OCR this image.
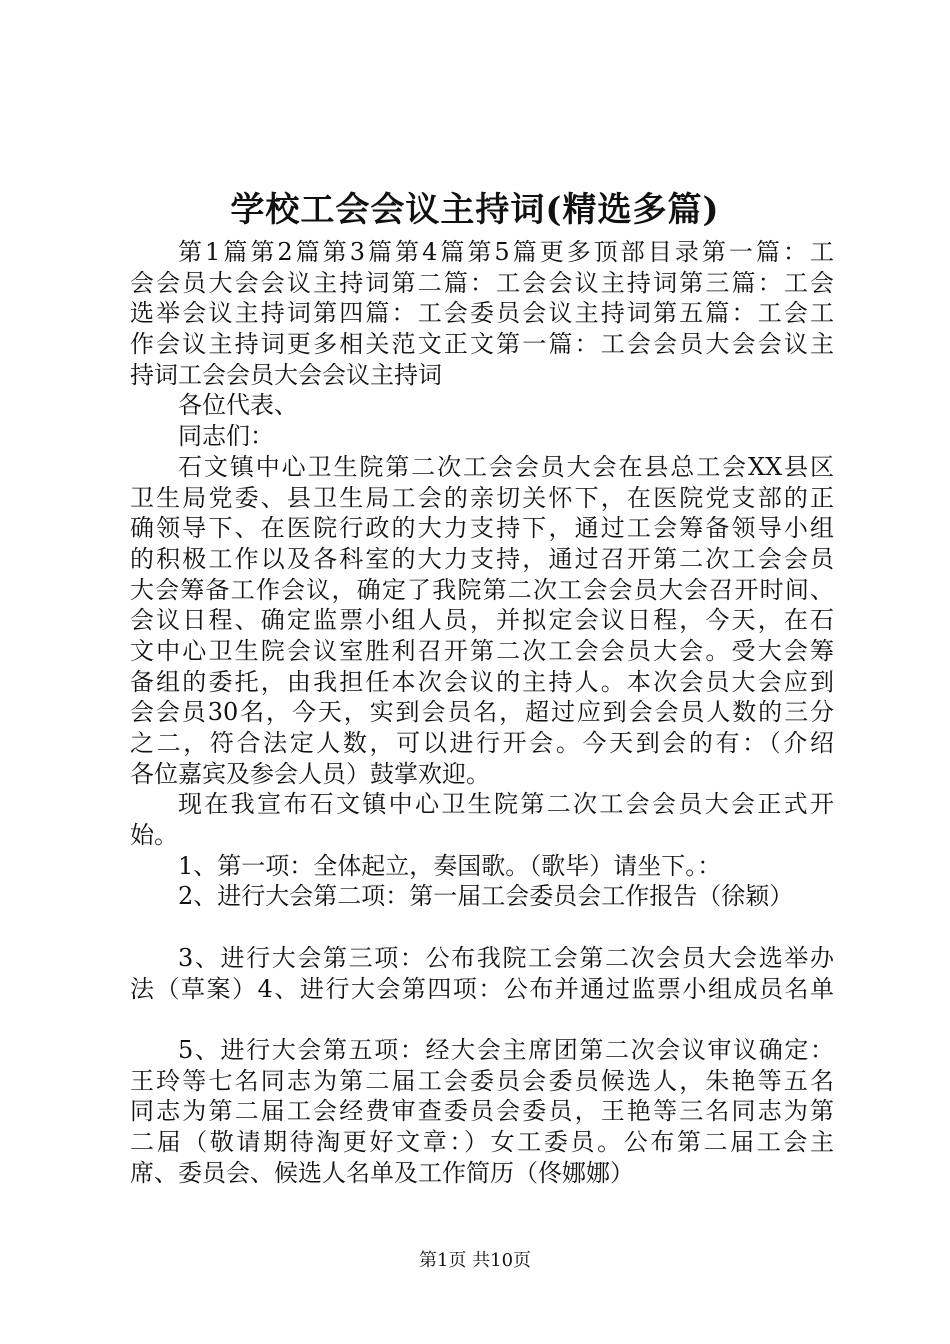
学校工会会议主持词(精选多篇)
第1篇第2篇第3篇第4篇第5篇更多顶部目录第一篇：工
会会员大会会议主持词第二篇：工会会议主持词第三篇：工会
选举会议主持词第四篇：工会委员会议主持词第五篇：工会工
作会议主持词更多相关范文正文第一篇：工会会员大会会议主
持词工会会员大会会议主持词
各位代表、
同志们：
石文镇中心卫生院第二次工会会员大会在县总工会XX县区
卫生局党委、县卫生局工会的亲切关怀下，在医院党支部的正
确领导下、在医院行政的大力支持下，通过工会筹备领导小组
的积极工作以及各科室的大力支持，通过召开第二次工会会员
大会筹备工作会议，确定了我院第二次工会会员大会召开时间、
会议日程、确定监票小组人员，并拟定会议日程，今天，在石
文中心卫生院会议室胜利召开第二次工会会员大会。受大会筹
备组的委托，由我担任本次会议的主持人。本次会员大会应到
会会员30名，今天，实到会员名，超过应到会会员人数的三分
之二，符合法定人数，可以进行开会。今天到会的有：（介绍
各位嘉宾及参会人员）鼓掌欢迎。
现在我宣布石文镇中心卫生院第二次工会会员大会正式开
始。
1、第一项：全体起立，奏国歌。（歌毕）请坐下。：
2、进行大会第二项：第一届工会委员会工作报告（徐颖）
3、进行大会第三项：公布我院工会第二次会员大会选举办
法（草案）4、进行大会第四项：公布并通过监票小组成员名单
5、进行大会第五项：经大会主席团第二次会议审议确定：
王玲等七名同志为第二届工会委员会委员候选人，朱艳等五名
同志为第二届工会经费审查委员会委员，王艳等三名同志为第
二届（敬请期待淘更好文章：）女工委员。公布第二届工会主
席、委员会、候选人名单及工作简历（佟娜娜）
第1页 共10页
